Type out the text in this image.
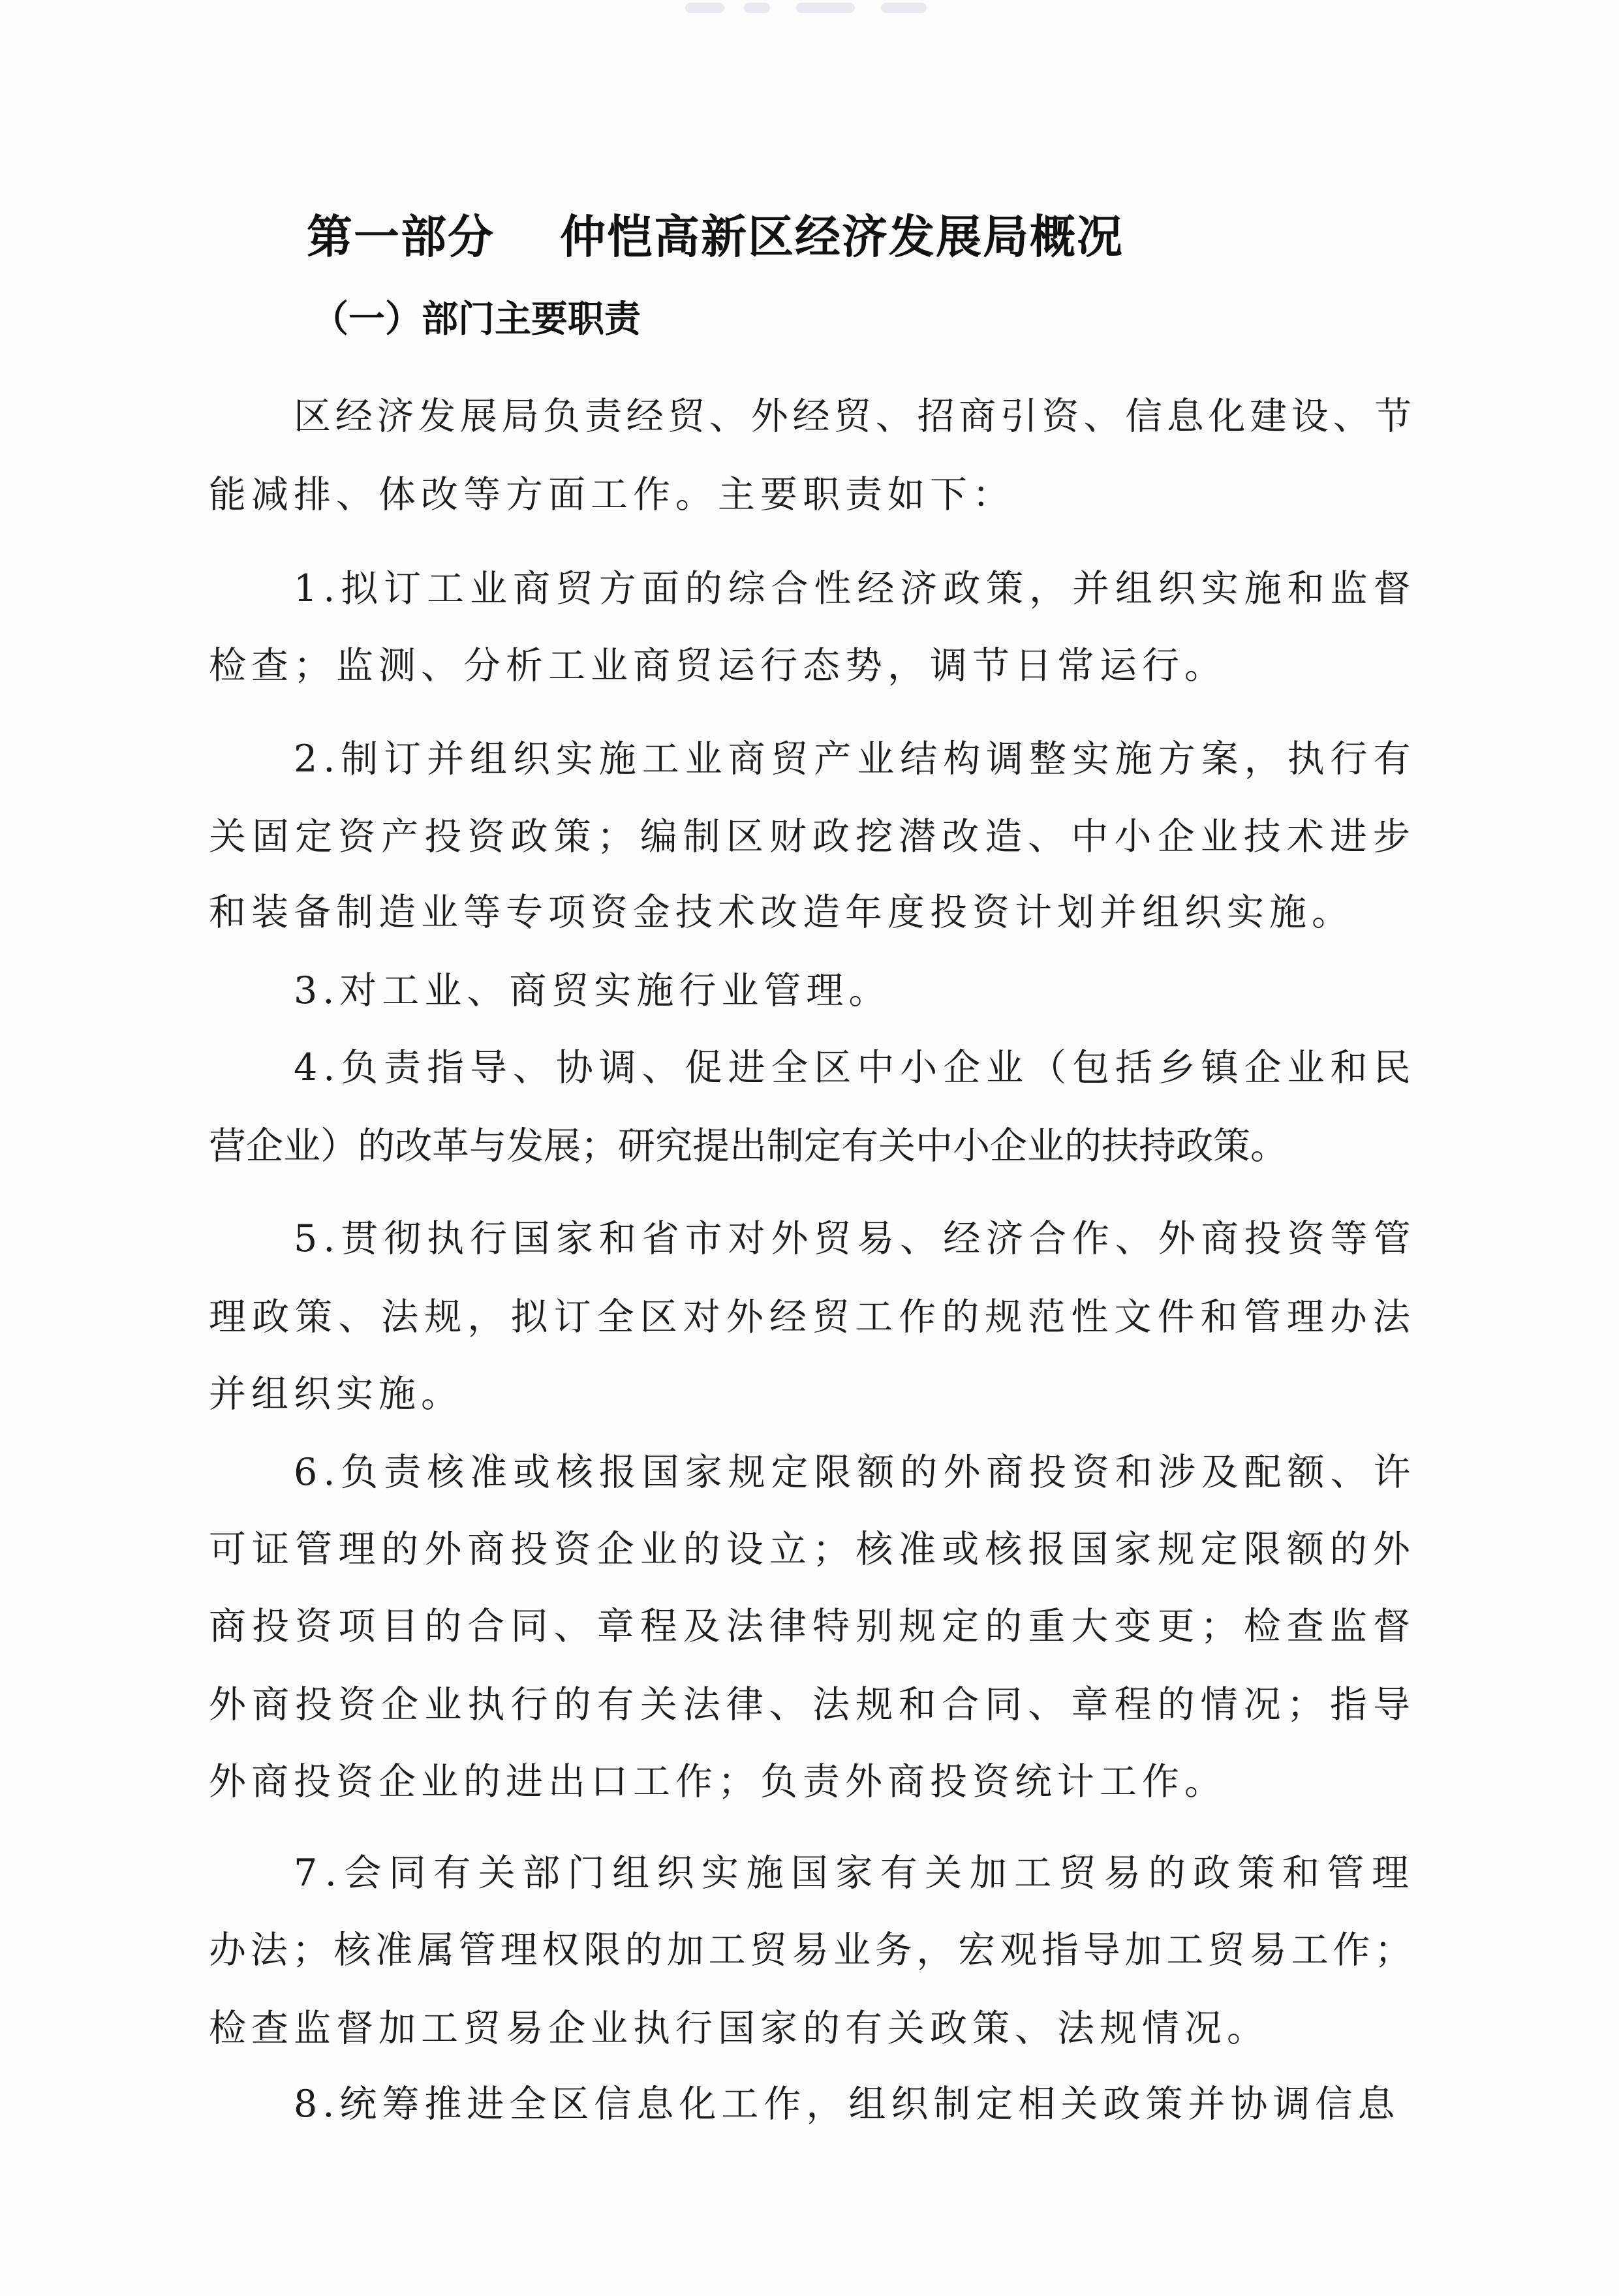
第一部分 仲恺高新区经济发展局概况
（一）部门主要职责
区经济发展局负责经贸、外经贸、招商引资、信息化建设、节
能减排、体改等方面工作。主要职责如下：
1.拟订工业商贸方面的综合性经济政策，并组织实施和监督
检查；监测、分析工业商贸运行态势，调节日常运行。
2.制订并组织实施工业商贸产业结构调整实施方案，执行有
关固定资产投资政策；编制区财政挖潜改造、中小企业技术进步
和装备制造业等专项资金技术改造年度投资计划并组织实施。
3.对工业、商贸实施行业管理。
4.负责指导、协调、促进全区中小企业（包括乡镇企业和民
营企业）的改革与发展；研究提出制定有关中小企业的扶持政策。
5.贯彻执行国家和省市对外贸易、经济合作、外商投资等管
理政策、法规，拟订全区对外经贸工作的规范性文件和管理办法
并组织实施。
6.负责核准或核报国家规定限额的外商投资和涉及配额、许
可证管理的外商投资企业的设立；核准或核报国家规定限额的外
商投资项目的合同、章程及法律特别规定的重大变更；检查监督
外商投资企业执行的有关法律、法规和合同、章程的情况；指导
外商投资企业的进出口工作；负责外商投资统计工作。
7.会同有关部门组织实施国家有关加工贸易的政策和管理
办法；核准属管理权限的加工贸易业务，宏观指导加工贸易工作；
检查监督加工贸易企业执行国家的有关政策、法规情况。
8.统筹推进全区信息化工作，组织制定相关政策并协调信息
